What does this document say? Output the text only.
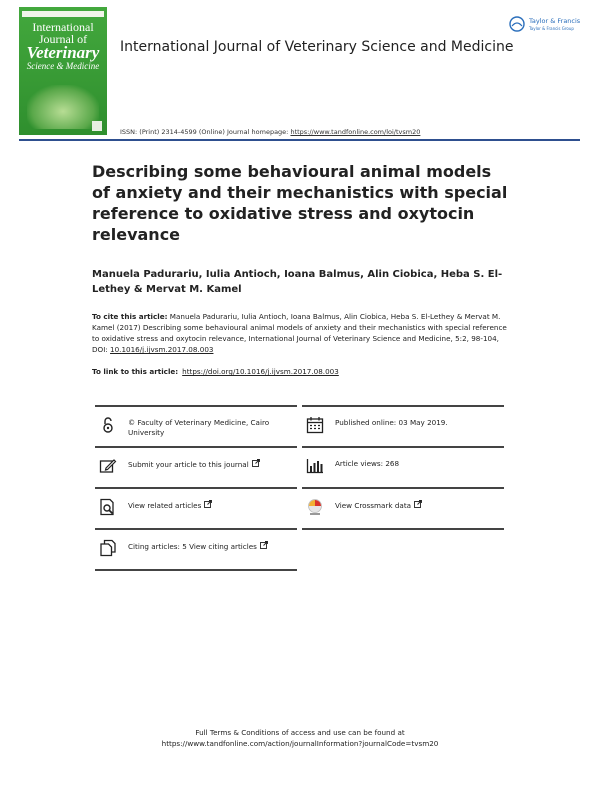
International
Journal of
Veterinary
Science & Medicine
International Journal of Veterinary Science and Medicine
ISSN: (Print) 2314-4599 (Online) Journal homepage: https://www.tandfonline.com/loi/tvsm20
Taylor & Francis
Taylor & Francis Group
Describing some behavioural animal models of anxiety and their mechanistics with special reference to oxidative stress and oxytocin relevance
Manuela Padurariu, Iulia Antioch, Ioana Balmus, Alin Ciobica, Heba S. El-Lethey & Mervat M. Kamel
To cite this article: Manuela Padurariu, Iulia Antioch, Ioana Balmus, Alin Ciobica, Heba S. El-Lethey & Mervat M. Kamel (2017) Describing some behavioural animal models of anxiety and their mechanistics with special reference to oxidative stress and oxytocin relevance, International Journal of Veterinary Science and Medicine, 5:2, 98-104, DOI: 10.1016/j.ijvsm.2017.08.003
To link to this article: https://doi.org/10.1016/j.ijvsm.2017.08.003
© Faculty of Veterinary Medicine, Cairo University
Published online: 03 May 2019.
Submit your article to this journal	Article views: 268
View related articles	View Crossmark data
Citing articles: 5 View citing articles
Full Terms & Conditions of access and use can be found at
https://www.tandfonline.com/action/journalInformation?journalCode=tvsm20
